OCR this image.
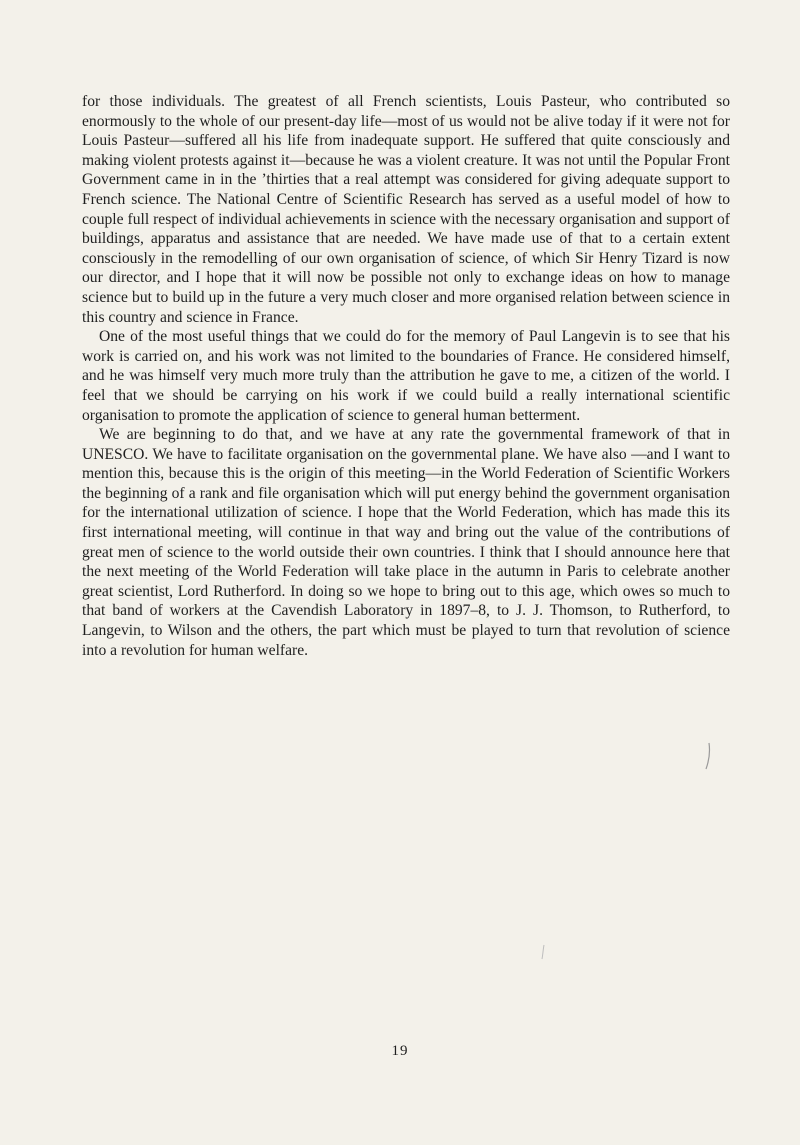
for those individuals. The greatest of all French scientists, Louis Pasteur, who contributed so enormously to the whole of our present-day life—most of us would not be alive today if it were not for Louis Pasteur—suffered all his life from inadequate support. He suffered that quite consciously and making violent protests against it—because he was a violent creature. It was not until the Popular Front Government came in in the ’thirties that a real attempt was considered for giving adequate support to French science. The National Centre of Scientific Research has served as a useful model of how to couple full respect of individual achievements in science with the necessary organisation and support of buildings, apparatus and assistance that are needed. We have made use of that to a certain extent consciously in the remodelling of our own organisation of science, of which Sir Henry Tizard is now our director, and I hope that it will now be possible not only to exchange ideas on how to manage science but to build up in the future a very much closer and more organised relation between science in this country and science in France.

One of the most useful things that we could do for the memory of Paul Langevin is to see that his work is carried on, and his work was not limited to the boundaries of France. He considered himself, and he was himself very much more truly than the attribution he gave to me, a citizen of the world. I feel that we should be carrying on his work if we could build a really international scientific organisation to promote the application of science to general human betterment.

We are beginning to do that, and we have at any rate the governmental framework of that in UNESCO. We have to facilitate organisation on the governmental plane. We have also —and I want to mention this, because this is the origin of this meeting—in the World Federation of Scientific Workers the beginning of a rank and file organisation which will put energy behind the government organisation for the international utilization of science. I hope that the World Federation, which has made this its first international meeting, will continue in that way and bring out the value of the contributions of great men of science to the world outside their own countries. I think that I should announce here that the next meeting of the World Federation will take place in the autumn in Paris to celebrate another great scientist, Lord Rutherford. In doing so we hope to bring out to this age, which owes so much to that band of workers at the Cavendish Laboratory in 1897–8, to J. J. Thomson, to Rutherford, to Langevin, to Wilson and the others, the part which must be played to turn that revolution of science into a revolution for human welfare.

19
